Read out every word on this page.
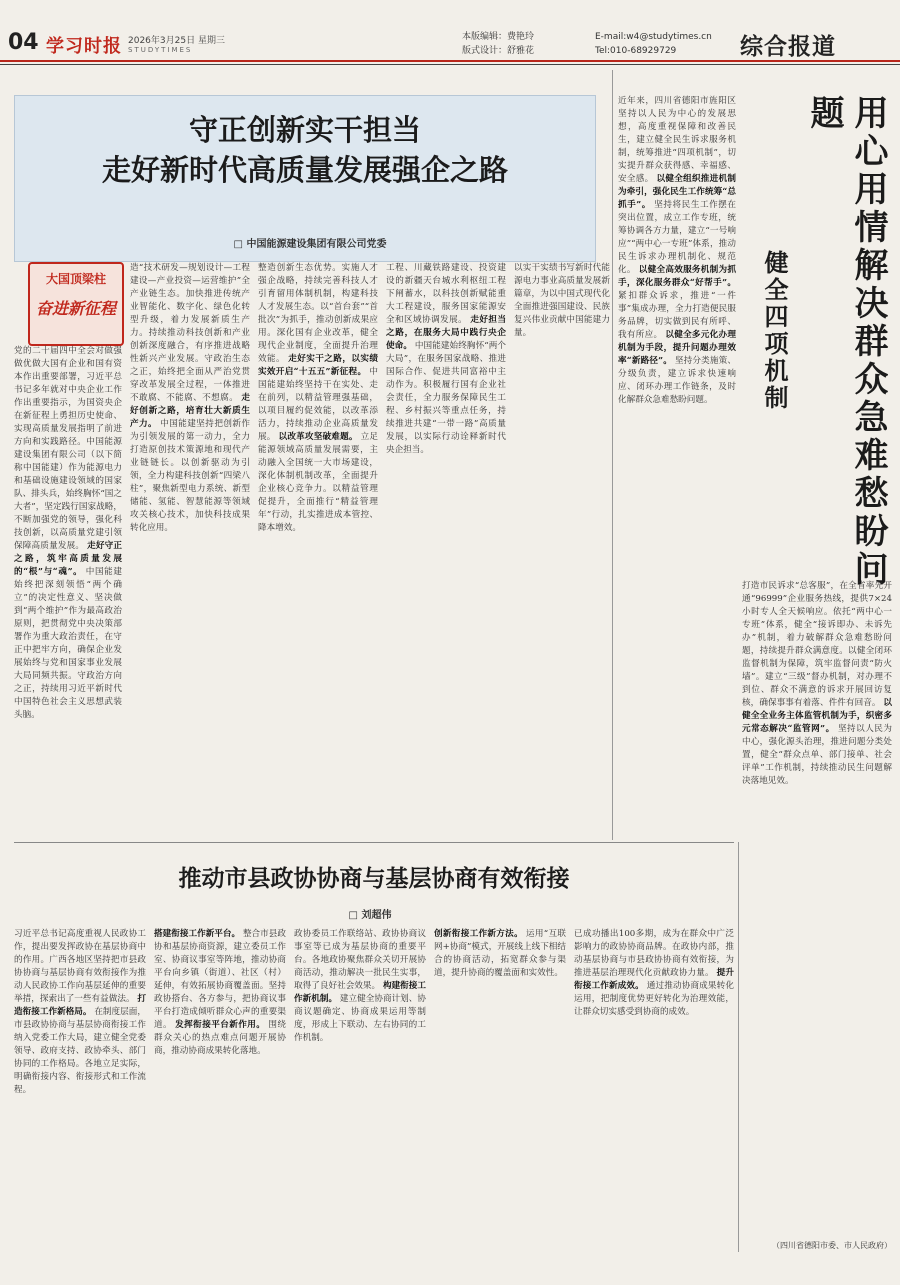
04 学习时报 2026年3月25日 星期三
STUDYTIMES
本版编辑：费艳玲
版式设计：舒雅花
E-mail:w4@studytimes.cn
Tel:010-68929729	综合报道
守正创新实干担当
走好新时代高质量发展强企之路
□ 中国能源建设集团有限公司党委
大国顶梁柱
奋进新征程
党的二十届四中全会对做强做优做大国有企业和国有资本作出重要部署，习近平总书记多年就对中央企业工作作出重要指示，为国资央企在新征程上勇担历史使命、实现高质量发展指明了前进方向和实践路径。中国能源建设集团有限公司（以下简称中国能建）作为能源电力和基础设施建设领域的国家队、排头兵，始终胸怀“国之大者”，坚定践行国家战略，不断加强党的领导，强化科技创新，以高质量党建引领保障高质量发展。 走好守正之路，筑牢高质量发展的“根”与“魂”。 中国能建始终把深刻领悟“两个确立”的决定性意义、坚决做到“两个维护”作为最高政治原则，把贯彻党中央决策部署作为重大政治责任，在守正中把牢方向，确保企业发展始终与党和国家事业发展大局同频共振。守政治方向之正，持续用习近平新时代中国特色社会主义思想武装头脑。
造“技术研发—规划设计—工程建设—产业投资—运营维护”全产业链生态。加快推进传统产业智能化、数字化、绿色化转型升级，着力发展新质生产力。持续推动科技创新和产业创新深度融合，有序推进战略性新兴产业发展。守政治生态之正，始终把全面从严治党贯穿改革发展全过程，一体推进不敢腐、不能腐、不想腐。 走好创新之路，培育壮大新质生产力。 中国能建坚持把创新作为引领发展的第一动力，全力打造原创技术策源地和现代产业链链长。以创新驱动为引领，全力构建科技创新“四梁八柱”，聚焦新型电力系统、新型储能、氢能、智慧能源等领域攻关核心技术，加快科技成果转化应用。
整造创新生态优势。实施人才强企战略，持续完善科技人才引育留用体制机制，构建科技人才发展生态。以“首台套”“首批次”为抓手，推动创新成果应用。深化国有企业改革，健全现代企业制度，全面提升治理效能。 走好实干之路，以实绩实效开启“十五五”新征程。 中国能建始终坚持干在实处、走在前列，以精益管理强基础，以项目履约促效能，以改革添活力，持续推动企业高质量发展。 以改革攻坚破难题。 立足能源领域高质量发展需要，主动融入全国统一大市场建设，深化体制机制改革，全面提升企业核心竞争力。以精益管理促提升，全面推行“精益管理年”行动，扎实推进成本管控、降本增效。
工程、川藏铁路建设、投资建设的新疆天台城水利枢纽工程下闸蓄水，以科技创新赋能重大工程建设，服务国家能源安全和区域协调发展。 走好担当之路，在服务大局中践行央企使命。 中国能建始终胸怀“两个大局”，在服务国家战略、推进国际合作、促进共同富裕中主动作为。积极履行国有企业社会责任，全力服务保障民生工程、乡村振兴等重点任务，持续推进共建“一带一路”高质量发展，以实际行动诠释新时代央企担当。
以实干实绩书写新时代能源电力事业高质量发展新篇章，为以中国式现代化全面推进强国建设、民族复兴伟业贡献中国能建力量。
近年来，四川省德阳市旌阳区坚持以人民为中心的发展思想，高度重视保障和改善民生，建立健全民生诉求服务机制，统筹推进“四项机制”，切实提升群众获得感、幸福感、安全感。 以健全组织推进机制为牵引，强化民生工作统筹“总抓手”。 坚持将民生工作摆在突出位置，成立工作专班，统筹协调各方力量，建立“一号响应”“两中心一专班”体系，推动民生诉求办理机制化、规范化。 以健全高效服务机制为抓手，深化服务群众“好帮手”。 紧扣群众诉求，推进“一件事”集成办理，全力打造便民服务品牌，切实做到民有所呼、我有所应。 以健全多元化办理机制为手段，提升问题办理效率“新路径”。 坚持分类施策、分级负责，建立诉求快速响应、闭环办理工作链条，及时化解群众急难愁盼问题。	用心用情解决群众急难愁盼问题
健全四项机制
打造市民诉求“总客服”，在全省率先开通“96999”企业服务热线，提供7×24小时专人全天候响应。依托“两中心一专班”体系，健全“接诉即办、未诉先办”机制，着力破解群众急难愁盼问题，持续提升群众满意度。以健全闭环监督机制为保障，筑牢监督问责“防火墙”。建立“三级”督办机制，对办理不到位、群众不满意的诉求开展回访复核，确保事事有着落、件件有回音。 以健全全业务主体监管机制为手，织密多元常态解决“监管网”。 坚持以人民为中心，强化源头治理，推进问题分类处置，健全“群众点单、部门接单、社会评单”工作机制，持续推动民生问题解决落地见效。
（四川省德阳市委、市人民政府）
推动市县政协协商与基层协商有效衔接
□ 刘超伟
习近平总书记高度重视人民政协工作，提出要发挥政协在基层协商中的作用。广西各地区坚持把市县政协协商与基层协商有效衔接作为推动人民政协工作向基层延伸的重要举措，探索出了一些有益做法。 打造衔接工作新格局。 在制度层面，市县政协协商与基层协商衔接工作纳入党委工作大局，建立健全党委领导、政府支持、政协牵头、部门协同的工作格局。各地立足实际，明确衔接内容、衔接形式和工作流程。
搭建衔接工作新平台。 整合市县政协和基层协商资源，建立委员工作室、协商议事室等阵地，推动协商平台向乡镇（街道）、社区（村）延伸，有效拓展协商覆盖面。坚持政协搭台、各方参与，把协商议事平台打造成倾听群众心声的重要渠道。 发挥衔接平台新作用。 围绕群众关心的热点难点问题开展协商，推动协商成果转化落地。
政协委员工作联络站、政协协商议事室等已成为基层协商的重要平台。各地政协聚焦群众关切开展协商活动，推动解决一批民生实事，取得了良好社会效果。 构建衔接工作新机制。 建立健全协商计划、协商议题确定、协商成果运用等制度，形成上下联动、左右协同的工作机制。
创新衔接工作新方法。 运用“互联网+协商”模式，开展线上线下相结合的协商活动，拓宽群众参与渠道，提升协商的覆盖面和实效性。
已成功播出100多期，成为在群众中广泛影响力的政协协商品牌。在政协内部，推动基层协商与市县政协协商有效衔接，为推进基层治理现代化贡献政协力量。 提升衔接工作新成效。 通过推动协商成果转化运用，把制度优势更好转化为治理效能，让群众切实感受到协商的成效。
